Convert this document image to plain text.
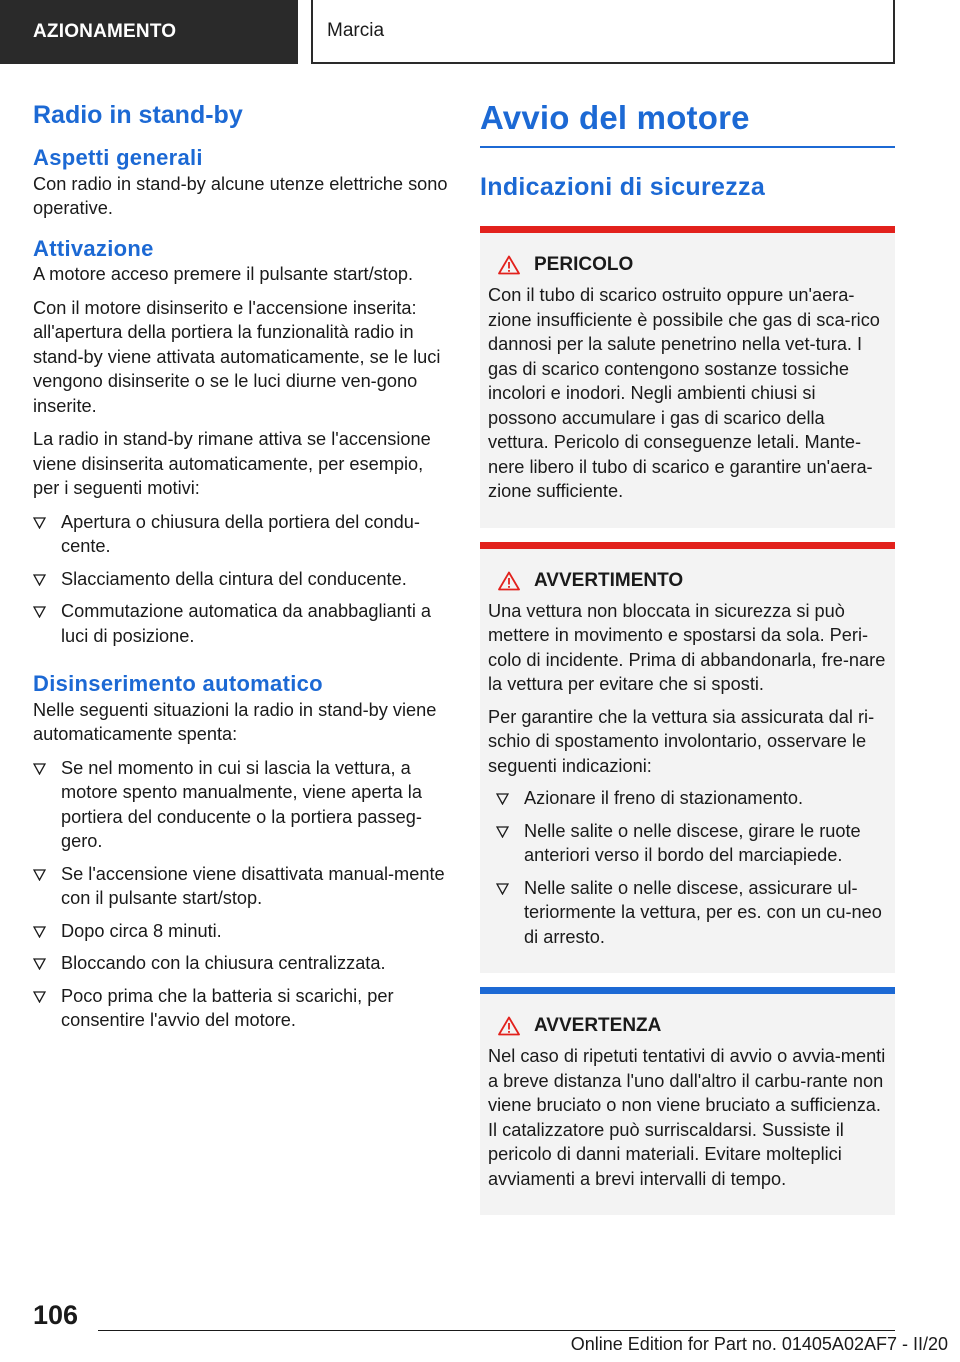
AZIONAMENTO	Marcia
Radio in stand-by
Aspetti generali
Con radio in stand-by alcune utenze elettriche sono operative.
Attivazione
A motore acceso premere il pulsante start/stop.
Con il motore disinserito e l'accensione inserita: all'apertura della portiera la funzionalità radio in stand-by viene attivata automaticamente, se le luci vengono disinserite o se le luci diurne ven-gono inserite.
La radio in stand-by rimane attiva se l'accensione viene disinserita automaticamente, per esempio, per i seguenti motivi:
Apertura o chiusura della portiera del condu-cente.
Slacciamento della cintura del conducente.
Commutazione automatica da anabbaglianti a luci di posizione.
Disinserimento automatico
Nelle seguenti situazioni la radio in stand-by viene automaticamente spenta:
Se nel momento in cui si lascia la vettura, a motore spento manualmente, viene aperta la portiera del conducente o la portiera passeg-gero.
Se l'accensione viene disattivata manual-mente con il pulsante start/stop.
Dopo circa 8 minuti.
Bloccando con la chiusura centralizzata.
Poco prima che la batteria si scarichi, per consentire l'avvio del motore.
Avvio del motore
Indicazioni di sicurezza
PERICOLO
Con il tubo di scarico ostruito oppure un'aera-zione insufficiente è possibile che gas di sca-rico dannosi per la salute penetrino nella vet-tura. I gas di scarico contengono sostanze tossiche incolori e inodori. Negli ambienti chiusi si possono accumulare i gas di scarico della vettura. Pericolo di conseguenze letali. Mante-nere libero il tubo di scarico e garantire un'aera-zione sufficiente.
AVVERTIMENTO
Una vettura non bloccata in sicurezza si può mettere in movimento e spostarsi da sola. Peri-colo di incidente. Prima di abbandonarla, fre-nare la vettura per evitare che si sposti.
Per garantire che la vettura sia assicurata dal ri-schio di spostamento involontario, osservare le seguenti indicazioni:
Azionare il freno di stazionamento.
Nelle salite o nelle discese, girare le ruote anteriori verso il bordo del marciapiede.
Nelle salite o nelle discese, assicurare ul-teriormente la vettura, per es. con un cu-neo di arresto.
AVVERTENZA
Nel caso di ripetuti tentativi di avvio o avvia-menti a breve distanza l'uno dall'altro il carbu-rante non viene bruciato o non viene bruciato a sufficienza. Il catalizzatore può surriscaldarsi. Sussiste il pericolo di danni materiali. Evitare molteplici avviamenti a brevi intervalli di tempo.
106
Online Edition for Part no. 01405A02AF7 - II/20
